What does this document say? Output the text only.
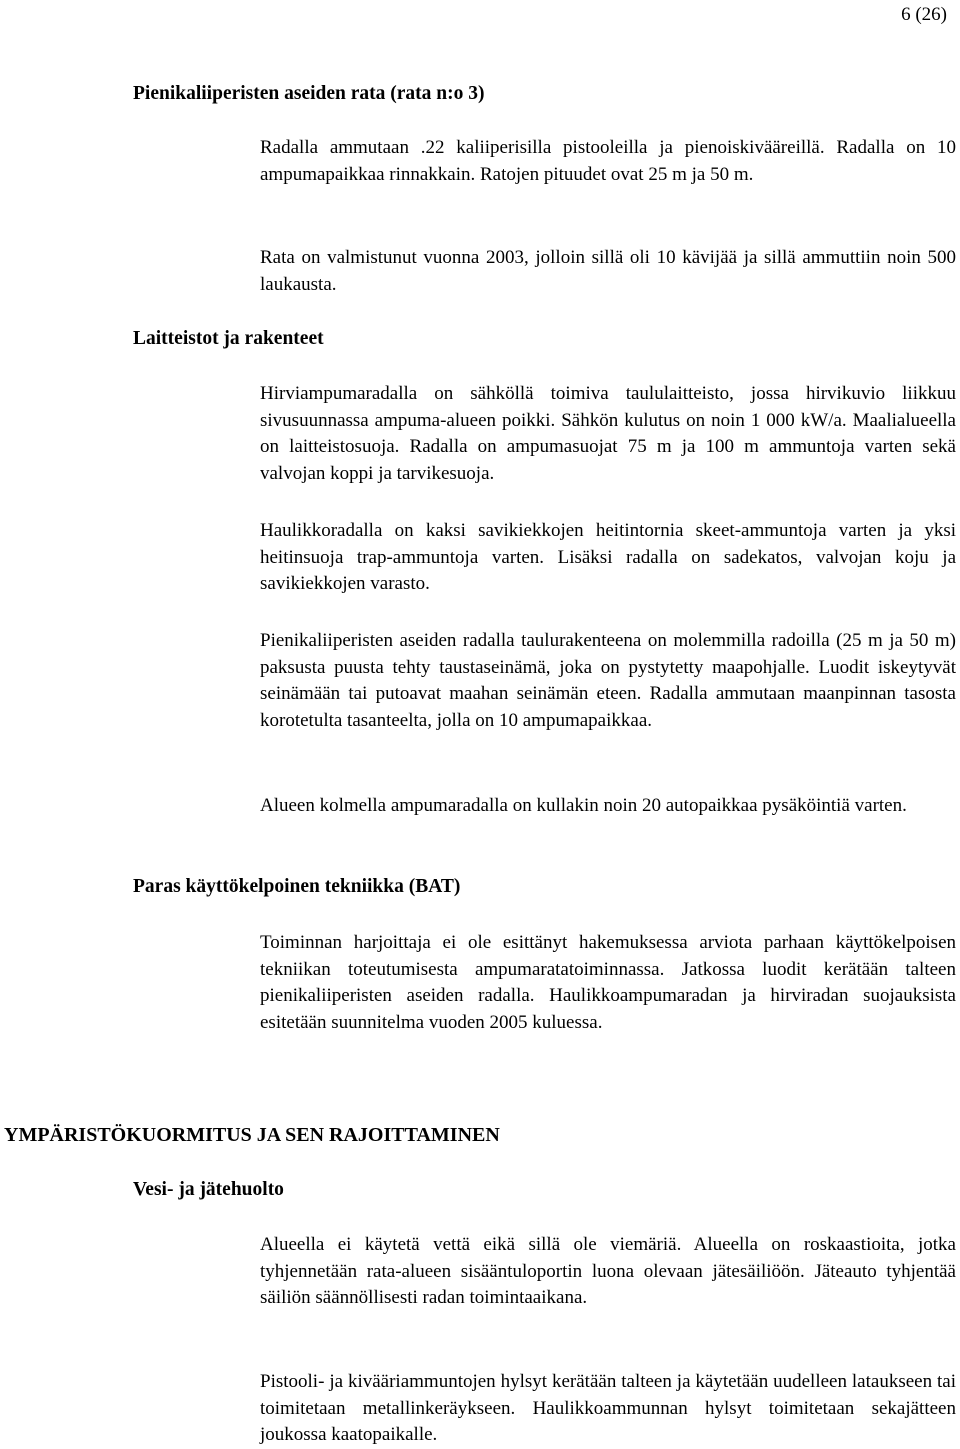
6 (26)
Pienikaliiperisten aseiden rata (rata n:o 3)
Radalla ammutaan .22 kaliiperisilla pistooleilla ja pienoiskivääreillä. Radalla on 10 ampumapaikkaa rinnakkain. Ratojen pituudet ovat 25 m ja 50 m.
Rata on valmistunut vuonna 2003, jolloin sillä oli 10 kävijää ja sillä ammuttiin noin 500 laukausta.
Laitteistot ja rakenteet
Hirviampumaradalla on sähköllä toimiva taululaitteisto, jossa hirvikuvio liikkuu sivusuunnassa ampuma-alueen poikki. Sähkön kulutus on noin 1 000 kW/a. Maalialueella on laitteistosuoja. Radalla on ampumasuojat 75 m ja 100 m ammuntoja varten sekä valvojan koppi ja tarvikesuoja.
Haulikkoradalla on kaksi savikiekkojen heitintornia skeet-ammuntoja varten ja yksi heitinsuoja trap-ammuntoja varten. Lisäksi radalla on sadekatos, valvojan koju ja savikiekkojen varasto.
Pienikaliiperisten aseiden radalla taulurakenteena on molemmilla radoilla (25 m ja 50 m) paksusta puusta tehty taustaseinämä, joka on pystytetty maapohjalle. Luodit iskeytyvät seinämään tai putoavat maahan seinämän eteen. Radalla ammutaan maanpinnan tasosta korotetulta tasanteelta, jolla on 10 ampumapaikkaa.
Alueen kolmella ampumaradalla on kullakin noin 20 autopaikkaa pysäköintiä varten.
Paras käyttökelpoinen tekniikka (BAT)
Toiminnan harjoittaja ei ole esittänyt hakemuksessa arviota parhaan käyttökelpoisen tekniikan toteutumisesta ampumaratatoiminnassa. Jatkossa luodit kerätään talteen pienikaliiperisten aseiden radalla. Haulikkoampumaradan ja hirviradan suojauksista esitetään suunnitelma vuoden 2005 kuluessa.
YMPÄRISTÖKUORMITUS JA SEN RAJOITTAMINEN
Vesi- ja jätehuolto
Alueella ei käytetä vettä eikä sillä ole viemäriä. Alueella on roskaastioita, jotka tyhjennetään rata-alueen sisääntuloportin luona olevaan jätesäiliöön. Jäteauto tyhjentää säiliön säännöllisesti radan toimintaaikana.
Pistooli- ja kivääriammuntojen hylsyt kerätään talteen ja käytetään uudelleen lataukseen tai toimitetaan metallinkeräykseen. Haulikkoammunnan hylsyt toimitetaan sekajätteen joukossa kaatopaikalle.
